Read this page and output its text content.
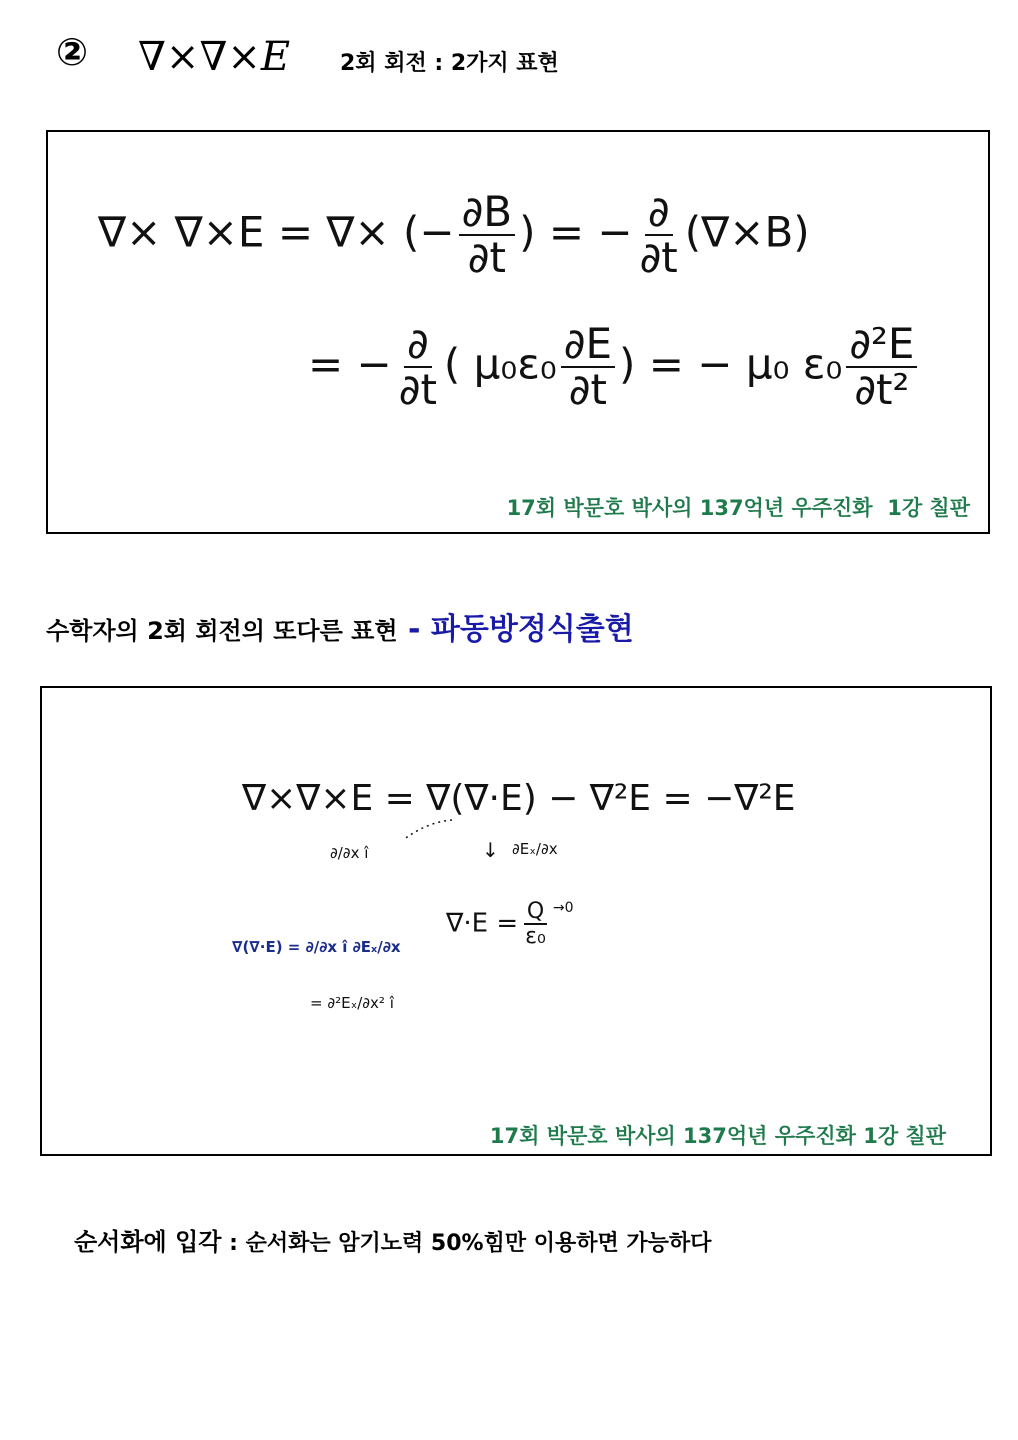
② ∇×∇×E 2회 회전 : 2가지 표현
∇× ∇×E = ∇× (− $\frac{\partial B}{\partial t}$ ) = − $\frac{\partial}{\partial t} (\nabla\times B)$
= − $\frac{\partial}{\partial t}$ ( $\mu_0\varepsilon_0 \frac{\partial E}{\partial t}$ ) = − μ₀ $\varepsilon_0 \frac{\text{∂²E}}{\text{∂t²}}$
17회 박문호 박사의 137억년 우주진화  1강 칠판
수학자의 2회 회전의 또다른 표현 - 파동방정식출현
∇×∇×E = ∇(∇·E) − ∇²E = −∇²E
∂/∂x î	↓ ∂Eₓ/∂x
$\nabla\cdot E = \frac{Q}{\text{ε₀}} ^{\to 0}$
∇(∇·E) = ∂/∂x î ∂Eₓ/∂x
= ∂²Eₓ/∂x² î
17회 박문호 박사의 137억년 우주진화 1강 칠판
순서화에 입각 : 순서화는 암기노력 50%힘만 이용하면 가능하다
